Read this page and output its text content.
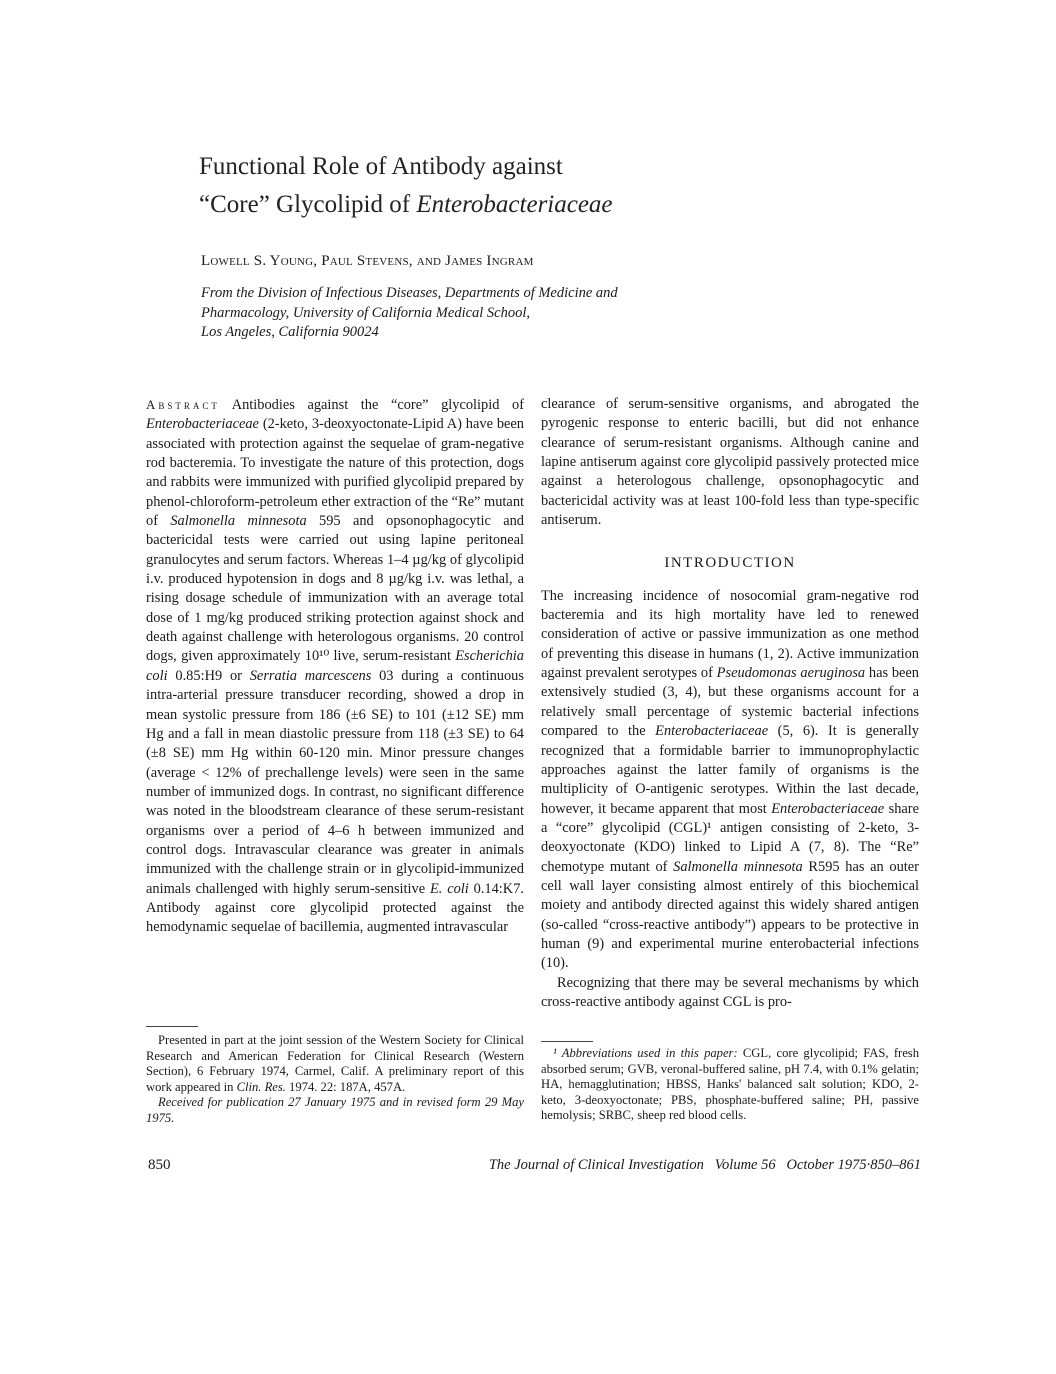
Functional Role of Antibody against
“Core” Glycolipid of Enterobacteriaceae
Lowell S. Young, Paul Stevens, and James Ingram
From the Division of Infectious Diseases, Departments of Medicine and
Pharmacology, University of California Medical School,
Los Angeles, California 90024

Abstract Antibodies against the “core” glycolipid of Enterobacteriaceae (2-keto, 3-deoxyoctonate-Lipid A) have been associated with protection against the sequelae of gram-negative rod bacteremia. To investigate the nature of this protection, dogs and rabbits were immunized with purified glycolipid prepared by phenol-chloroform-petroleum ether extraction of the “Re” mutant of Salmonella minnesota 595 and opsonophagocytic and bactericidal tests were carried out using lapine peritoneal granulocytes and serum factors. Whereas 1–4 µg/kg of glycolipid i.v. produced hypotension in dogs and 8 µg/kg i.v. was lethal, a rising dosage schedule of immunization with an average total dose of 1 mg/kg produced striking protection against shock and death against challenge with heterologous organisms. 20 control dogs, given approximately 10¹⁰ live, serum-resistant Escherichia coli 0.85:H9 or Serratia marcescens 03 during a continuous intra-arterial pressure transducer recording, showed a drop in mean systolic pressure from 186 (±6 SE) to 101 (±12 SE) mm Hg and a fall in mean diastolic pressure from 118 (±3 SE) to 64 (±8 SE) mm Hg within 60-120 min. Minor pressure changes (average < 12% of prechallenge levels) were seen in the same number of immunized dogs. In contrast, no significant difference was noted in the bloodstream clearance of these serum-resistant organisms over a period of 4–6 h between immunized and control dogs. Intravascular clearance was greater in animals immunized with the challenge strain or in glycolipid-immunized animals challenged with highly serum-sensitive E. coli 0.14:K7. Antibody against core glycolipid protected against the hemodynamic sequelae of bacillemia, augmented intravascular

Presented in part at the joint session of the Western Society for Clinical Research and American Federation for Clinical Research (Western Section), 6 February 1974, Carmel, Calif. A preliminary report of this work appeared in Clin. Res. 1974. 22: 187A, 457A.

Received for publication 27 January 1975 and in revised form 29 May 1975.

clearance of serum-sensitive organisms, and abrogated the pyrogenic response to enteric bacilli, but did not enhance clearance of serum-resistant organisms. Although canine and lapine antiserum against core glycolipid passively protected mice against a heterologous challenge, opsonophagocytic and bactericidal activity was at least 100-fold less than type-specific antiserum.

INTRODUCTION

The increasing incidence of nosocomial gram-negative rod bacteremia and its high mortality have led to renewed consideration of active or passive immunization as one method of preventing this disease in humans (1, 2). Active immunization against prevalent serotypes of Pseudomonas aeruginosa has been extensively studied (3, 4), but these organisms account for a relatively small percentage of systemic bacterial infections compared to the Enterobacteriaceae (5, 6). It is generally recognized that a formidable barrier to immunoprophylactic approaches against the latter family of organisms is the multiplicity of O-antigenic serotypes. Within the last decade, however, it became apparent that most Enterobacteriaceae share a “core” glycolipid (CGL)¹ antigen consisting of 2-keto, 3-deoxyoctonate (KDO) linked to Lipid A (7, 8). The “Re” chemotype mutant of Salmonella minnesota R595 has an outer cell wall layer consisting almost entirely of this biochemical moiety and antibody directed against this widely shared antigen (so-called “cross-reactive antibody”) appears to be protective in human (9) and experimental murine enterobacterial infections (10).

Recognizing that there may be several mechanisms by which cross-reactive antibody against CGL is pro-

¹ Abbreviations used in this paper: CGL, core glycolipid; FAS, fresh absorbed serum; GVB, veronal-buffered saline, pH 7.4, with 0.1% gelatin; HA, hemagglutination; HBSS, Hanks' balanced salt solution; KDO, 2-keto, 3-deoxyoctonate; PBS, phosphate-buffered saline; PH, passive hemolysis; SRBC, sheep red blood cells.

850	The Journal of Clinical Investigation Volume 56 October 1975·850–861
